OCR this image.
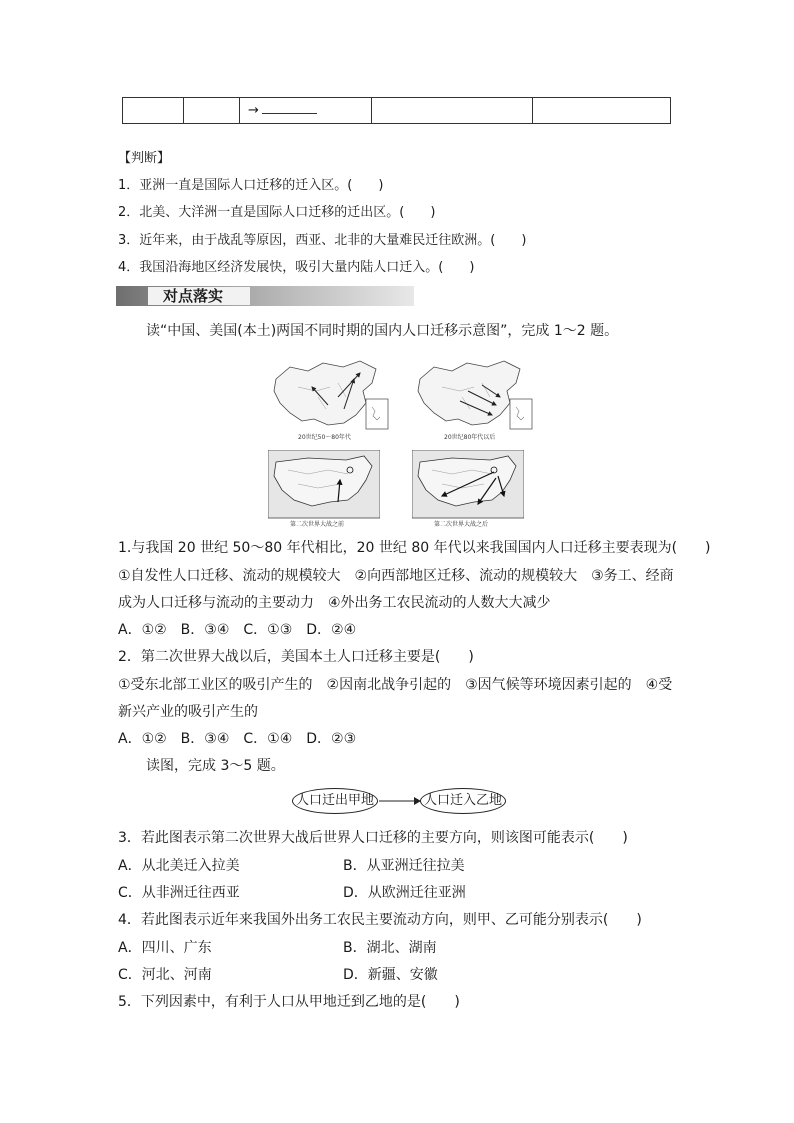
→
【判断】
1．亚洲一直是国际人口迁移的迁入区。(　　)
2．北美、大洋洲一直是国际人口迁移的迁出区。(　　)
3．近年来，由于战乱等原因，西亚、北非的大量难民迁往欧洲。(　　)
4．我国沿海地区经济发展快，吸引大量内陆人口迁入。(　　)
对点落实
读“中国、美国(本土)两国不同时期的国内人口迁移示意图”，完成 1～2 题。
20世纪50～80年代	20世纪80年代以后
第二次世界大战之前	第二次世界大战之后
1.与我国 20 世纪 50～80 年代相比，20 世纪 80 年代以来我国国内人口迁移主要表现为(　　)
①自发性人口迁移、流动的规模较大　②向西部地区迁移、流动的规模较大　③务工、经商
成为人口迁移与流动的主要动力　④外出务工农民流动的人数大大减少
A．①②　B．③④　C．①③　D．②④
2．第二次世界大战以后，美国本土人口迁移主要是(　　)
①受东北部工业区的吸引产生的　②因南北战争引起的　③因气候等环境因素引起的　④受
新兴产业的吸引产生的
A．①②　B．③④　C．①④　D．②③
读图，完成 3～5 题。
人口迁出甲地	人口迁入乙地
3．若此图表示第二次世界大战后世界人口迁移的主要方向，则该图可能表示(　　)
A．从北美迁入拉美	B．从亚洲迁往拉美
C．从非洲迁往西亚	D．从欧洲迁往亚洲
4．若此图表示近年来我国外出务工农民主要流动方向，则甲、乙可能分别表示(　　)
A．四川、广东	B．湖北、湖南
C．河北、河南	D．新疆、安徽
5．下列因素中，有利于人口从甲地迁到乙地的是(　　)
